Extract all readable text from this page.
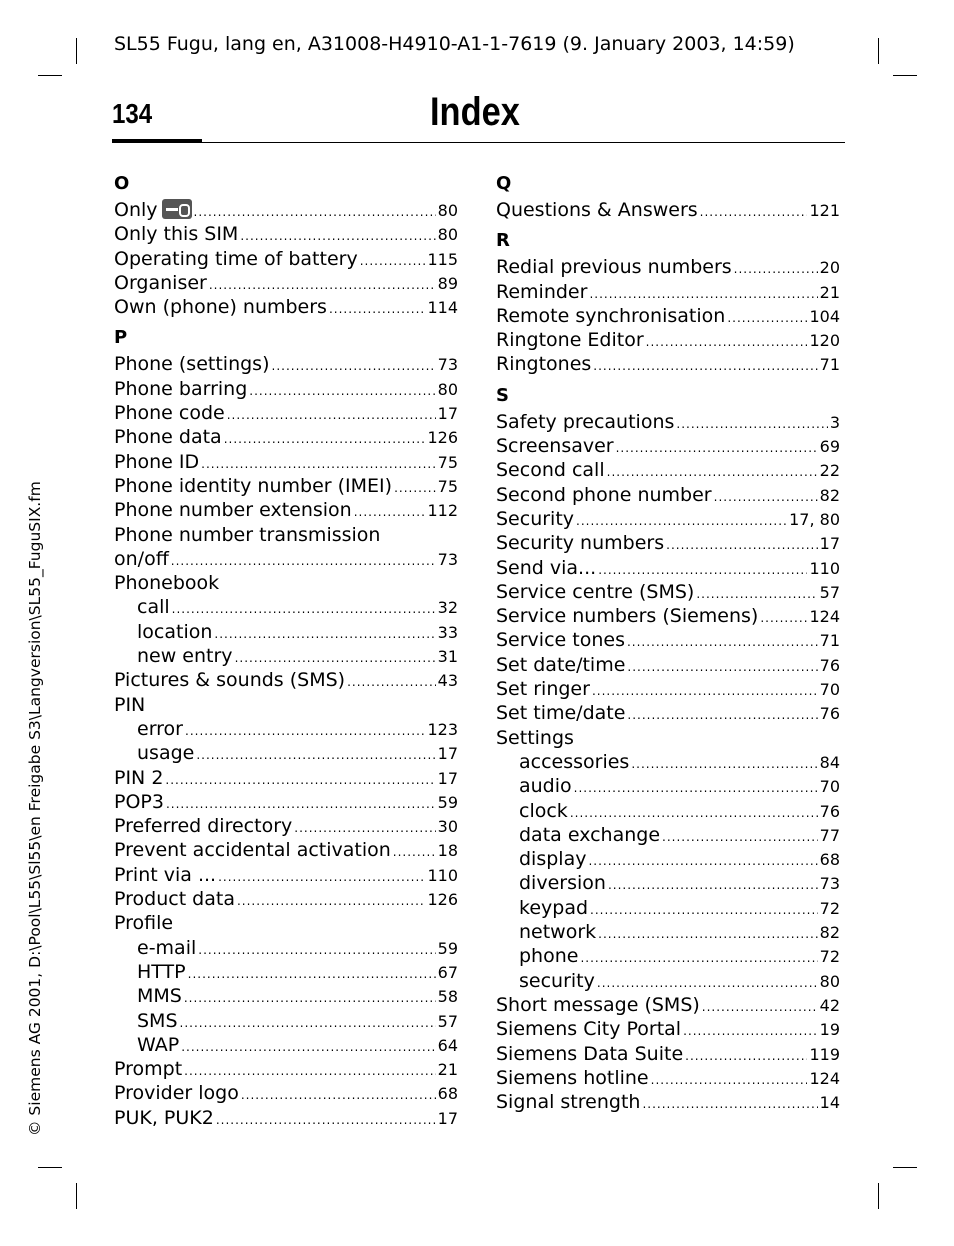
SL55 Fugu, lang en, A31008-H4910-A1-1-7619 (9. January 2003, 14:59)
134	Index
© Siemens AG 2001, D:\Pool\L55\Sl55\en Freigabe S3\Langversion\SL55_FuguSIX.fm
O
Only .....	80
Only this SIM .....	80
Operating time of battery .....	115
Organiser .....	89
Own (phone) numbers .....	114
P
Phone (settings) .....	73
Phone barring .....	80
Phone code .....	17
Phone data .....	126
Phone ID .....	75
Phone identity number (IMEI) .....	75
Phone number extension .....	112
Phone number transmission
on/off .....	73
Phonebook
call .....	32
location .....	33
new entry .....	31
Pictures & sounds (SMS) .....	43
PIN
error .....	123
usage .....	17
PIN 2 .....	17
POP3 .....	59
Preferred directory .....	30
Prevent accidental activation .....	18
Print via ... .....	110
Product data .....	126
Profile
e-mail .....	59
HTTP .....	67
MMS .....	58
SMS .....	57
WAP .....	64
Prompt .....	21
Provider logo .....	68
PUK, PUK2 .....	17
Q
Questions & Answers .....	121
R
Redial previous numbers .....	20
Reminder .....	21
Remote synchronisation .....	104
Ringtone Editor .....	120
Ringtones .....	71
S
Safety precautions .....	3
Screensaver .....	69
Second call .....	22
Second phone number .....	82
Security .....	17, 80
Security numbers .....	17
Send via... .....	110
Service centre (SMS) .....	57
Service numbers (Siemens) .....	124
Service tones .....	71
Set date/time .....	76
Set ringer .....	70
Set time/date .....	76
Settings
accessories .....	84
audio .....	70
clock .....	76
data exchange .....	77
display .....	68
diversion .....	73
keypad .....	72
network .....	82
phone .....	72
security .....	80
Short message (SMS) .....	42
Siemens City Portal .....	19
Siemens Data Suite .....	119
Siemens hotline .....	124
Signal strength .....	14
